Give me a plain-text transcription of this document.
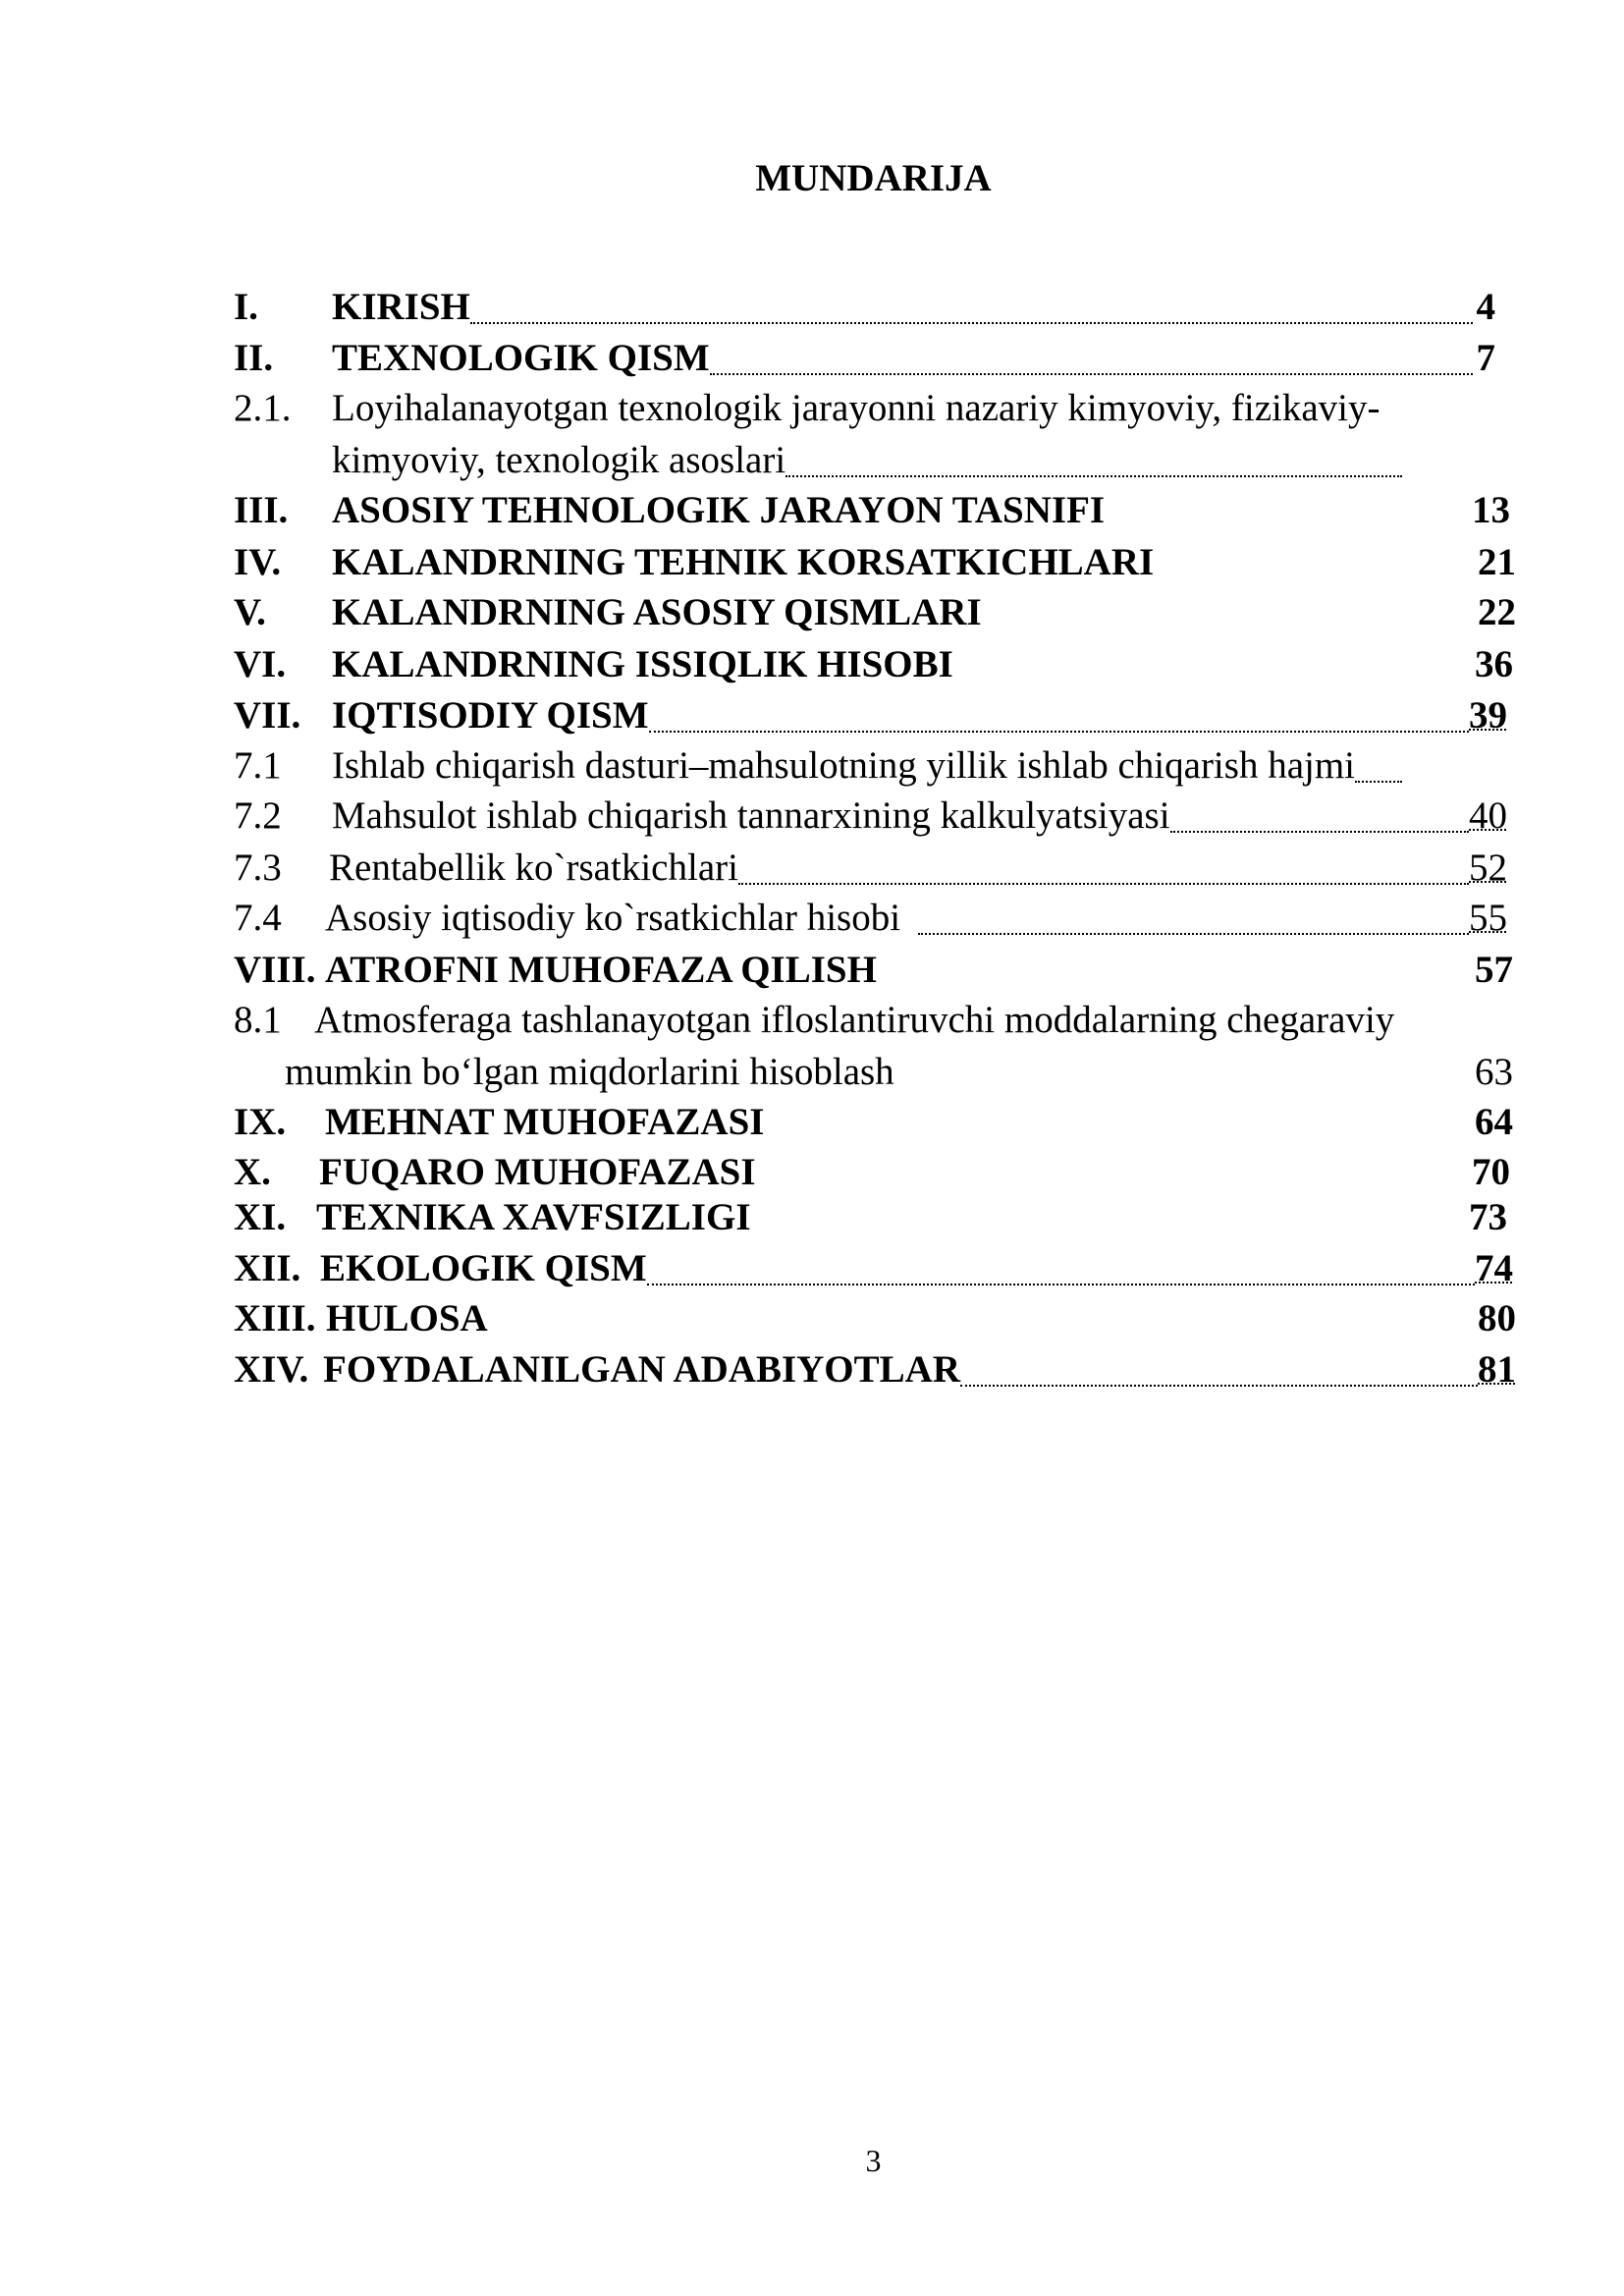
MUNDARIJA
I.	KIRISH	4
II.	TEXNOLOGIK QISM	7
2.1.	Loyihalanayotgan texnologik jarayonni nazariy kimyoviy, fizikaviy-
kimyoviy, texnologik asoslari
III.	ASOSIY TEHNOLOGIK JARAYON TASNIFI	13
IV.	KALANDRNING TEHNIK KORSATKICHLARI	21
V.	KALANDRNING ASOSIY QISMLARI	22
VI.	KALANDRNING ISSIQLIK HISOBI	36
VII. IQTISODIY QISM	39
7.1	Ishlab chiqarish dasturi–mahsulotning yillik ishlab chiqarish hajmi
7.2	Mahsulot ishlab chiqarish tannarxining kalkulyatsiyasi	40
7.3	Rentabellik ko`rsatkichlari	52
7.4	Asosiy iqtisodiy ko`rsatkichlar hisobi	55
VIII. ATROFNI MUHOFAZA QILISH	57
8.1 Atmosferaga tashlanayotgan ifloslantiruvchi moddalarning chegaraviy
mumkin bo‘lgan miqdorlarini hisoblash	63
IX.	MEHNAT MUHOFAZASI	64
X.	FUQARO MUHOFAZASI	70
XI. TEXNIKA XAVFSIZLIGI	73
XII. EKOLOGIK QISM	74
XIII. HULOSA	80
XIV. FOYDALANILGAN ADABIYOTLAR	81
3
